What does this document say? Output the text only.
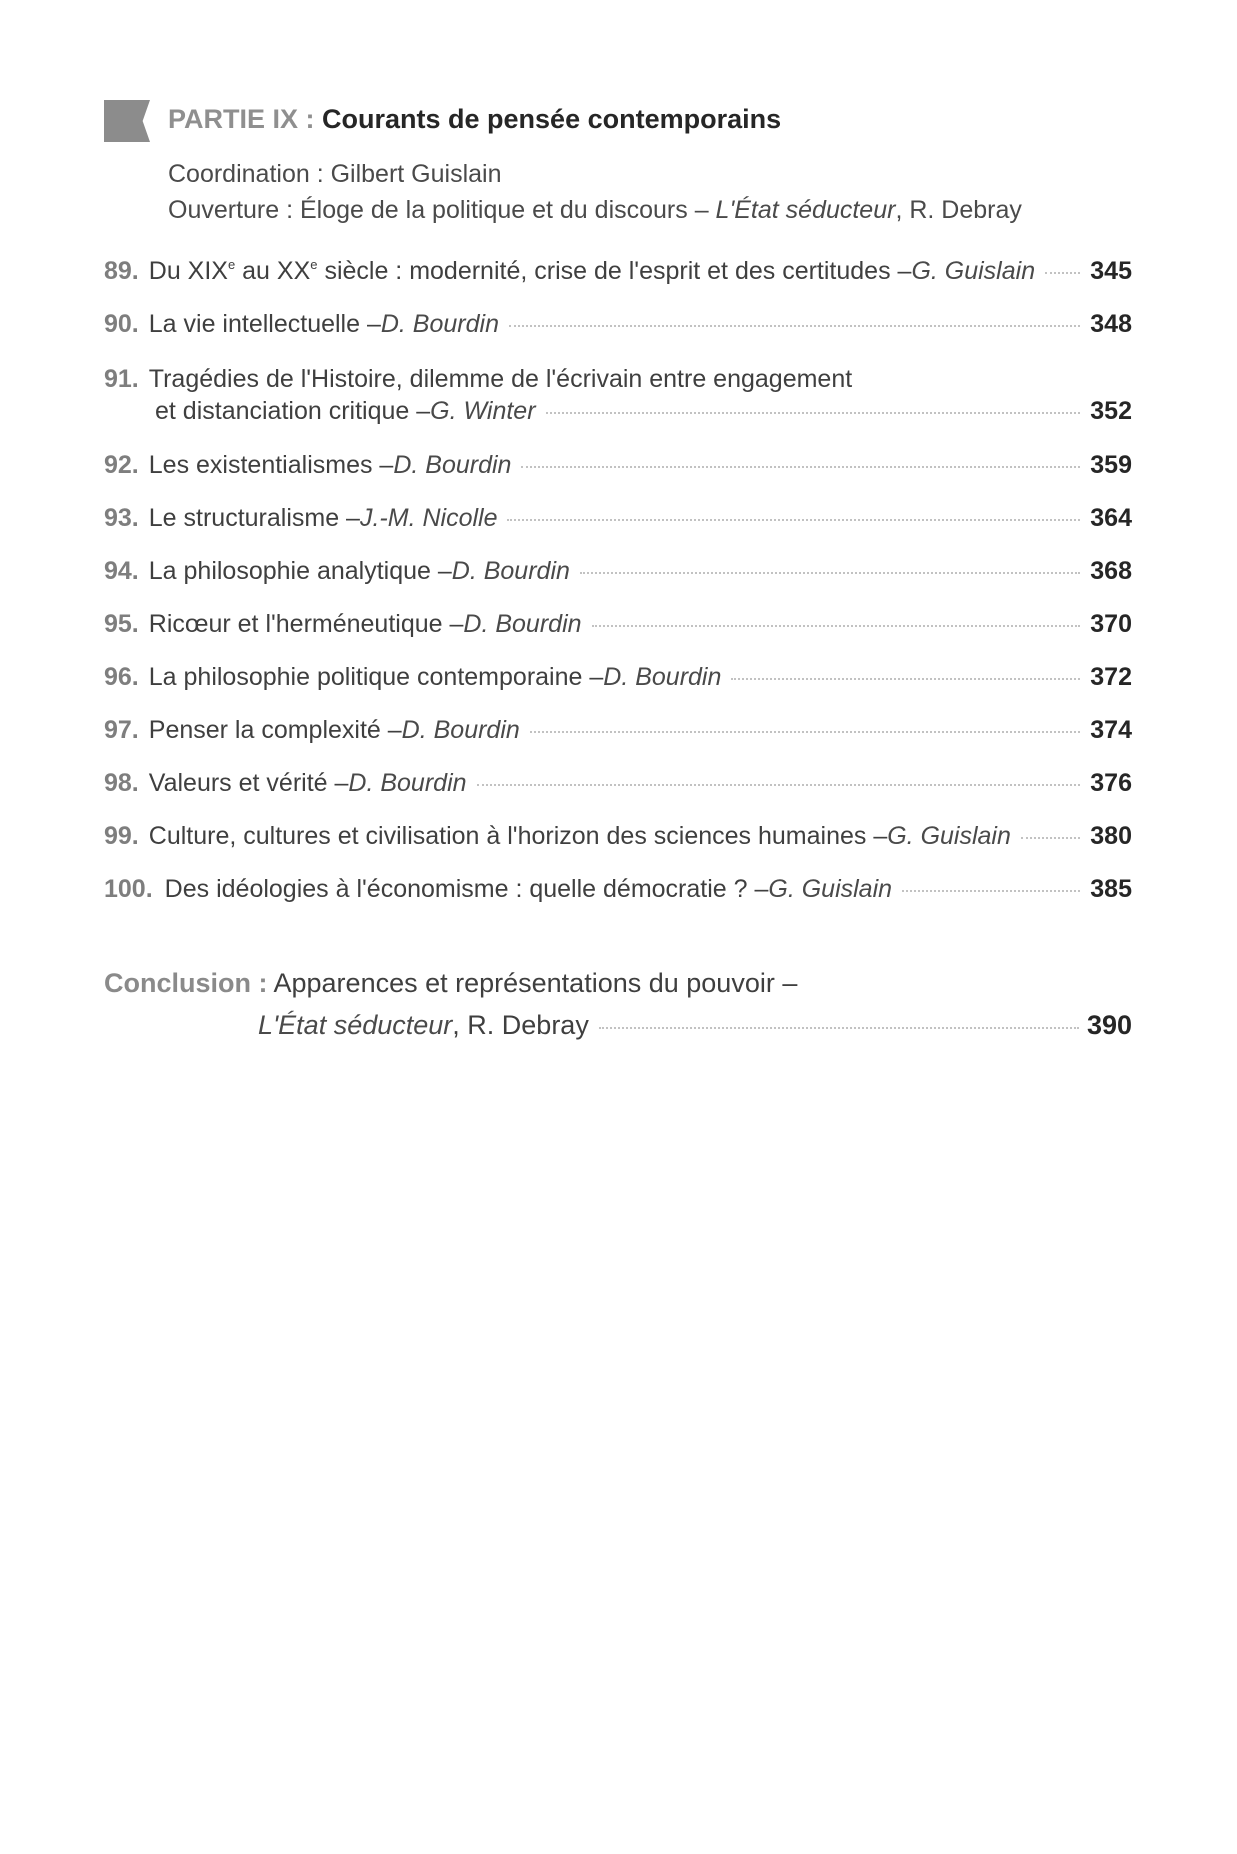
PARTIE IX : Courants de pensée contemporains
Coordination : Gilbert Guislain
Ouverture : Éloge de la politique et du discours – L'État séducteur, R. Debray
89. Du XIXe au XXe siècle : modernité, crise de l'esprit et des certitudes – G. Guislain 345
90. La vie intellectuelle – D. Bourdin	348
91. Tragédies de l'Histoire, dilemme de l'écrivain entre engagement
et distanciation critique – G. Winter	352
92. Les existentialismes – D. Bourdin	359
93. Le structuralisme – J.-M. Nicolle	364
94. La philosophie analytique – D. Bourdin	368
95. Ricœur et l'herméneutique – D. Bourdin	370
96. La philosophie politique contemporaine – D. Bourdin	372
97. Penser la complexité – D. Bourdin	374
98. Valeurs et vérité – D. Bourdin	376
99. Culture, cultures et civilisation à l'horizon des sciences humaines – G. Guislain	380
100. Des idéologies à l'économisme : quelle démocratie ? – G. Guislain	385
Conclusion : Apparences et représentations du pouvoir –
L'État séducteur , R. Debray	390
